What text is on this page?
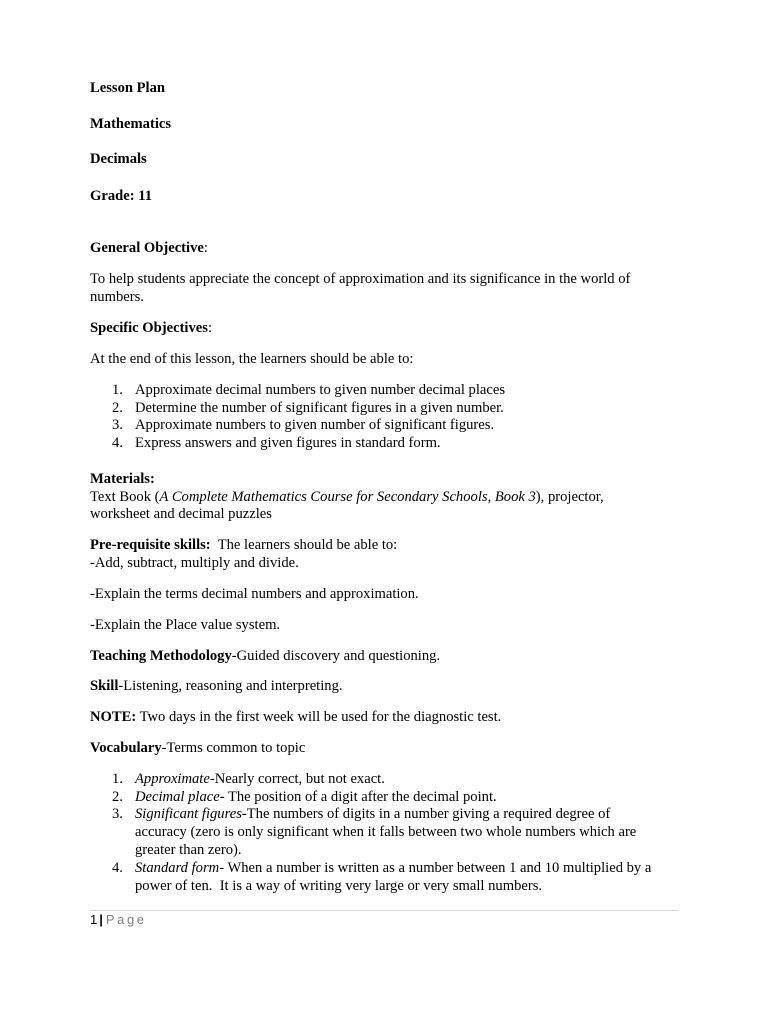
Lesson Plan
Mathematics
Decimals
Grade: 11
General Objective:
To help students appreciate the concept of approximation and its significance in the world of
numbers.
Specific Objectives:
At the end of this lesson, the learners should be able to:
1. Approximate decimal numbers to given number decimal places
2. Determine the number of significant figures in a given number.
3. Approximate numbers to given number of significant figures.
4. Express answers and given figures in standard form.
Materials:
Text Book (A Complete Mathematics Course for Secondary Schools, Book 3), projector,
worksheet and decimal puzzles
Pre-requisite skills:  The learners should be able to:
-Add, subtract, multiply and divide.
-Explain the terms decimal numbers and approximation.
-Explain the Place value system.
Teaching Methodology-Guided discovery and questioning.
Skill-Listening, reasoning and interpreting.
NOTE: Two days in the first week will be used for the diagnostic test.
Vocabulary-Terms common to topic
1. Approximate-Nearly correct, but not exact.
2. Decimal place- The position of a digit after the decimal point.
3. Significant figures-The numbers of digits in a number giving a required degree of
accuracy (zero is only significant when it falls between two whole numbers which are
greater than zero).
4. Standard form- When a number is written as a number between 1 and 10 multiplied by a
power of ten.  It is a way of writing very large or very small numbers.
1 | Page
